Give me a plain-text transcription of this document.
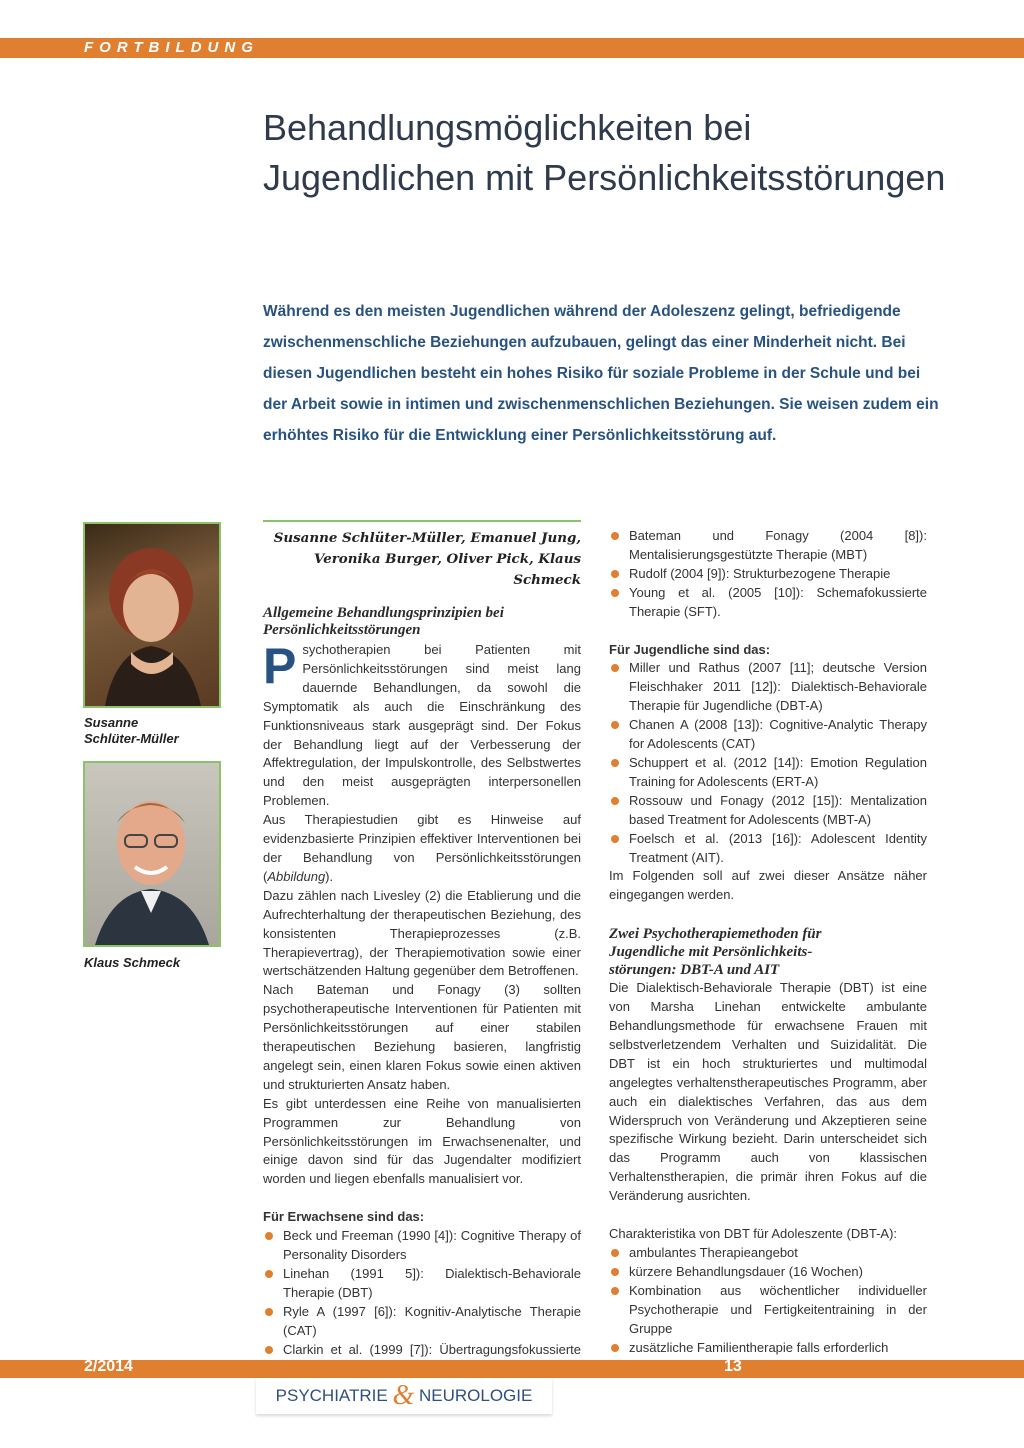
FORTBILDUNG
Behandlungsmöglichkeiten bei
Jugendlichen mit Persönlichkeitsstörungen
Während es den meisten Jugendlichen während der Adoleszenz gelingt, befriedigende zwischenmenschliche Beziehungen aufzubauen, gelingt das einer Minderheit nicht. Bei diesen Jugendlichen besteht ein hohes Risiko für soziale Probleme in der Schule und bei der Arbeit sowie in intimen und zwischenmenschlichen Beziehungen. Sie weisen zudem ein erhöhtes Risiko für die Entwicklung einer Persönlichkeitsstörung auf.
Susanne
Schlüter-Müller
Klaus Schmeck
Susanne Schlüter-Müller, Emanuel Jung,
Veronika Burger, Oliver Pick, Klaus Schmeck
Allgemeine Behandlungsprinzipien bei
Persönlichkeitsstörungen

Psychotherapien bei Patienten mit Persönlichkeitsstörungen sind meist lang dauernde Behandlungen, da sowohl die Symptomatik als auch die Einschränkung des Funktionsniveaus stark ausgeprägt sind. Der Fokus der Behandlung liegt auf der Verbesserung der Affektregulation, der Impulskontrolle, des Selbstwertes und den meist ausgeprägten interpersonellen Problemen.

Aus Therapiestudien gibt es Hinweise auf evidenzbasierte Prinzipien effektiver Interventionen bei der Behandlung von Persönlichkeitsstörungen (Abbildung).

Dazu zählen nach Livesley (2) die Etablierung und die Aufrechterhaltung der therapeutischen Beziehung, des konsistenten Therapieprozesses (z.B. Therapievertrag), der Therapiemotivation sowie einer wertschätzenden Haltung gegenüber dem Betroffenen.

Nach Bateman und Fonagy (3) sollten psychotherapeutische Interventionen für Patienten mit Persönlichkeitsstörungen auf einer stabilen therapeutischen Beziehung basieren, langfristig angelegt sein, einen klaren Fokus sowie einen aktiven und strukturierten Ansatz haben.

Es gibt unterdessen eine Reihe von manualisierten Programmen zur Behandlung von Persönlichkeitsstörungen im Erwachsenenalter, und einige davon sind für das Jugendalter modifiziert worden und liegen ebenfalls manualisiert vor.

Für Erwachsene sind das:

Beck und Freeman (1990 [4]): Cognitive Therapy of Personality Disorders
Linehan (1991 5]): Dialektisch-Behaviorale Therapie (DBT)
Ryle A (1997 [6]): Kognitiv-Analytische Therapie (CAT)
Clarkin et al. (1999 [7]): Übertragungsfokussierte
Bateman und Fonagy (2004 [8]): Mentalisierungsgestützte Therapie (MBT)
Rudolf (2004 [9]): Strukturbezogene Therapie
Young et al. (2005 [10]): Schemafokussierte Therapie (SFT).

Für Jugendliche sind das:

Miller und Rathus (2007 [11]; deutsche Version Fleischhaker 2011 [12]): Dialektisch-Behaviorale Therapie für Jugendliche (DBT-A)
Chanen A (2008 [13]): Cognitive-Analytic Therapy for Adolescents (CAT)
Schuppert et al. (2012 [14]): Emotion Regulation Training for Adolescents (ERT-A)
Rossouw und Fonagy (2012 [15]): Mentalization based Treatment for Adolescents (MBT-A)
Foelsch et al. (2013 [16]): Adolescent Identity Treatment (AIT).

Im Folgenden soll auf zwei dieser Ansätze näher eingegangen werden.

Zwei Psychotherapiemethoden für
Jugendliche mit Persönlichkeits-
störungen: DBT-A und AIT

Die Dialektisch-Behaviorale Therapie (DBT) ist eine von Marsha Linehan entwickelte ambulante Behandlungsmethode für erwachsene Frauen mit selbstverletzendem Verhalten und Suizidalität. Die DBT ist ein hoch strukturiertes und multimodal angelegtes verhaltenstherapeutisches Programm, aber auch ein dialektisches Verfahren, das aus dem Widerspruch von Veränderung und Akzeptieren seine spezifische Wirkung bezieht. Darin unterscheidet sich das Programm auch von klassischen Verhaltenstherapien, die primär ihren Fokus auf die Veränderung ausrichten.

Charakteristika von DBT für Adoleszente (DBT-A):

ambulantes Therapieangebot
kürzere Behandlungsdauer (16 Wochen)
Kombination aus wöchentlicher individueller Psychotherapie und Fertigkeitentraining in der Gruppe
zusätzliche Familientherapie falls erforderlich
2/2014	13
PSYCHIATRIE & NEUROLOGIE
